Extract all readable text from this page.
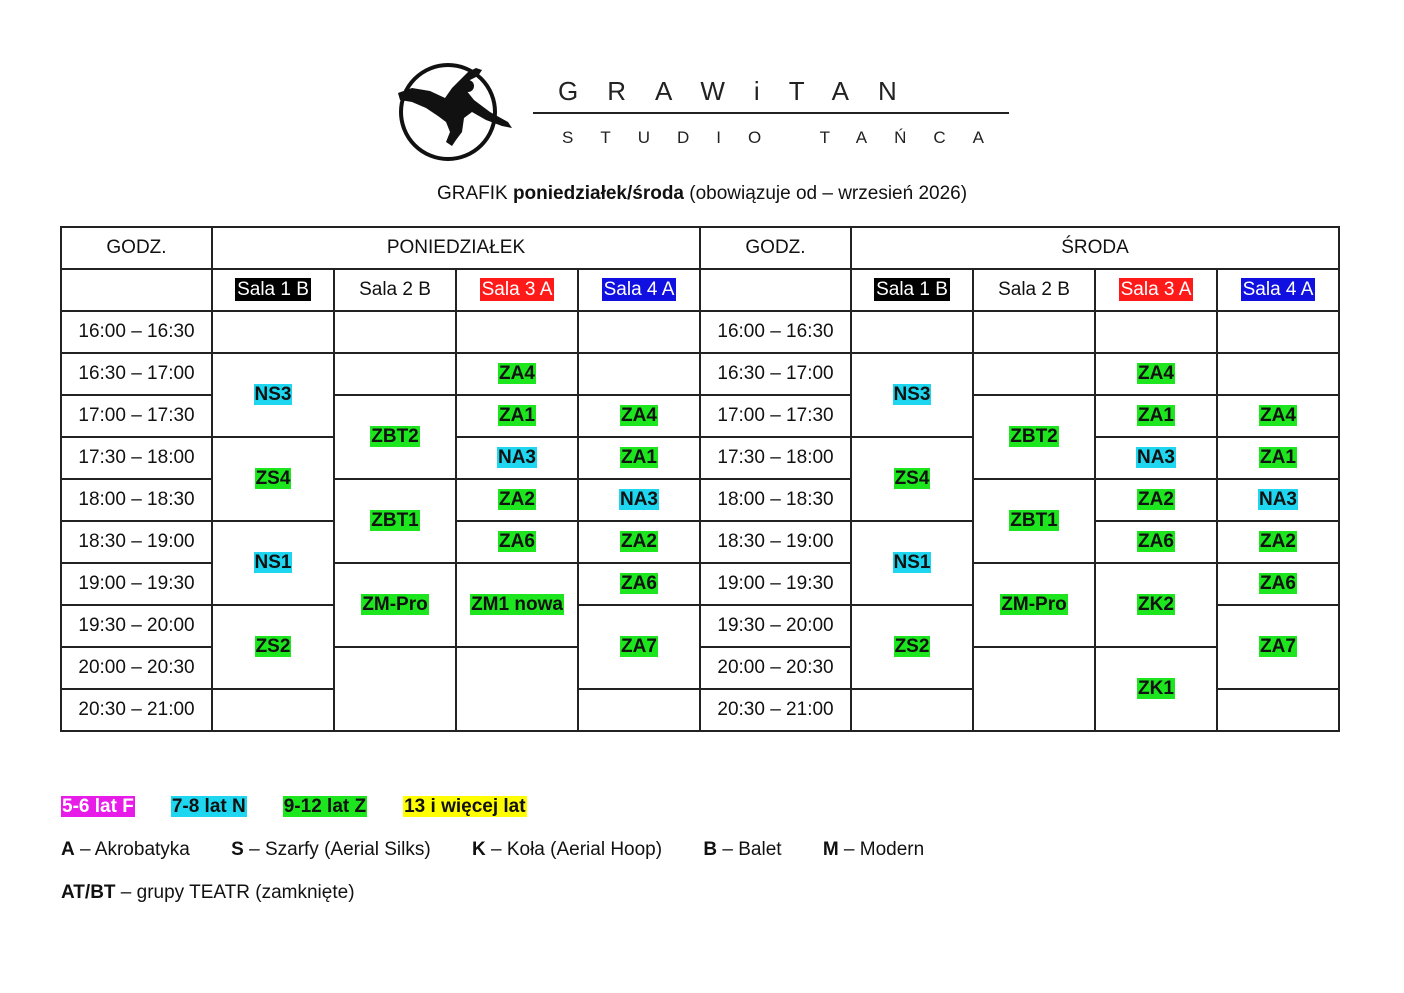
GRAWiTAN
STUDIO TAŃCA
GRAFIK poniedziałek/środa (obowiązuje od – wrzesień 2026)
GODZ.	PONIEDZIAŁEK				GODZ.	ŚRODA			
	Sala 1 B	Sala 2 B	Sala 3 A	Sala 4 A		Sala 1 B	Sala 2 B	Sala 3 A	Sala 4 A
16:00 – 16:30					16:00 – 16:30				
16:30 – 17:00	NS3		ZA4		16:30 – 17:00	NS3		ZA4	
17:00 – 17:30		ZBT2	ZA1	ZA4	17:00 – 17:30		ZBT2	ZA1	ZA4
17:30 – 18:00	ZS4		NA3	ZA1	17:30 – 18:00	ZS4		NA3	ZA1
18:00 – 18:30		ZBT1	ZA2	NA3	18:00 – 18:30		ZBT1	ZA2	NA3
18:30 – 19:00	NS1		ZA6	ZA2	18:30 – 19:00	NS1		ZA6	ZA2
19:00 – 19:30		ZM-Pro	ZM1 nowa	ZA6	19:00 – 19:30		ZM-Pro	ZK2	ZA6
19:30 – 20:00	ZS2			ZA7	19:30 – 20:00	ZS2			ZA7
20:00 – 20:30					20:00 – 20:30			ZK1	
20:30 – 21:00					20:30 – 21:00				
5-6 lat F 7-8 lat N 9-12 lat Z 13 i więcej lat
A – Akrobatyka S – Szarfy (Aerial Silks) K – Koła (Aerial Hoop) B – Balet M – Modern
AT/BT – grupy TEATR (zamknięte)
